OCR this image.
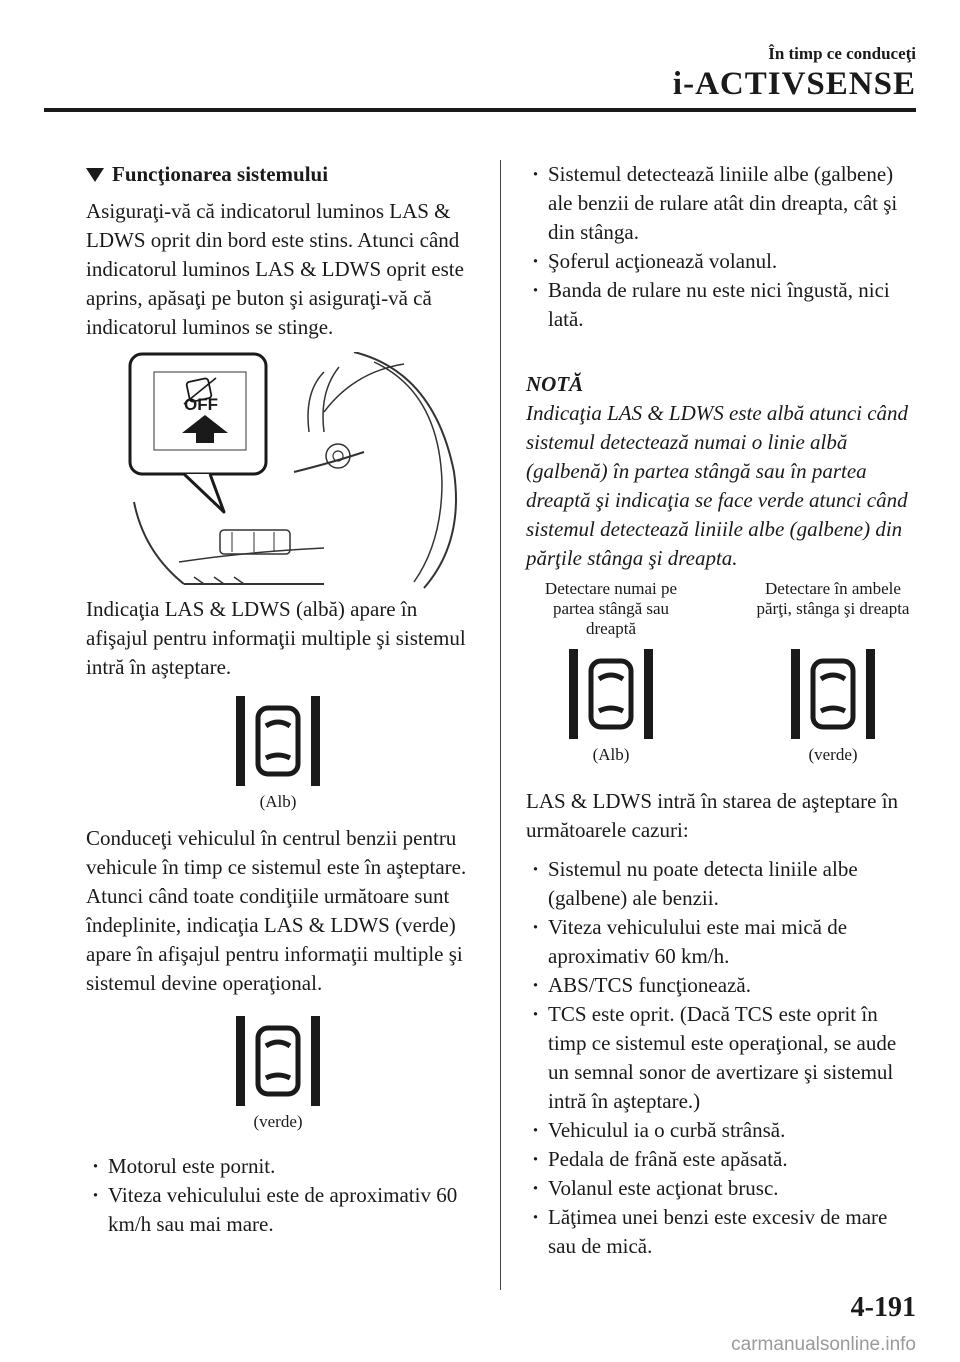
În timp ce conduceţi
i-ACTIVSENSE
Funcţionarea sistemului

Asiguraţi-vă că indicatorul luminos LAS & LDWS oprit din bord este stins. Atunci când indicatorul luminos LAS & LDWS oprit este aprins, apăsaţi pe buton şi asiguraţi-vă că indicatorul luminos se stinge.

OFF

Indicaţia LAS & LDWS (albă) apare în afişajul pentru informaţii multiple şi sistemul intră în aşteptare.

(Alb)

Conduceţi vehiculul în centrul benzii pentru vehicule în timp ce sistemul este în aşteptare. Atunci când toate condiţiile următoare sunt îndeplinite, indicaţia LAS & LDWS (verde) apare în afişajul pentru informaţii multiple şi sistemul devine operaţional.

(verde)
· Motorul este pornit.
· Viteza vehiculului este de aproximativ 60 km/h sau mai mare.
· Sistemul detectează liniile albe (galbene) ale benzii de rulare atât din dreapta, cât şi din stânga.
· Şoferul acţionează volanul.
· Banda de rulare nu este nici îngustă, nici lată.
NOTĂ

Indicaţia LAS & LDWS este albă atunci când sistemul detectează numai o linie albă (galbenă) în partea stângă sau în partea dreaptă şi indicaţia se face verde atunci când sistemul detectează liniile albe (galbene) din părţile stânga şi dreapta.

Detectare numai pe partea stângă sau dreaptă
(Alb)
Detectare în ambele părţi, stânga şi dreapta
(verde)

LAS & LDWS intră în starea de aşteptare în următoarele cazuri:

· Sistemul nu poate detecta liniile albe (galbene) ale benzii.
· Viteza vehiculului este mai mică de aproximativ 60 km/h.
· ABS/TCS funcţionează.
· TCS este oprit. (Dacă TCS este oprit în timp ce sistemul este operaţional, se aude un semnal sonor de avertizare şi sistemul intră în aşteptare.)
· Vehiculul ia o curbă strânsă.
· Pedala de frână este apăsată.
· Volanul este acţionat brusc.
· Lăţimea unei benzi este excesiv de mare sau de mică.
4-191
carmanualsonline.info
